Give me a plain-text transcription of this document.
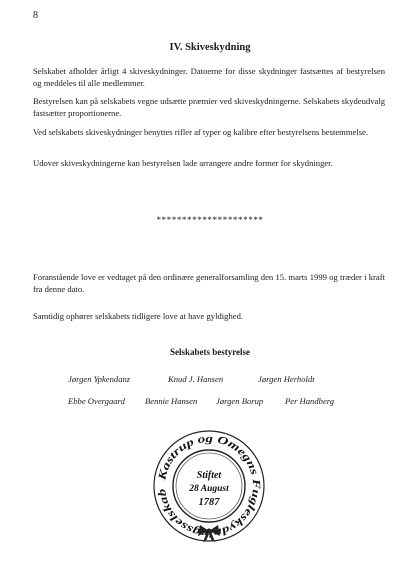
8
IV. Skiveskydning

Selskabet afholder årligt 4 skiveskydninger. Datoerne for disse skydninger fastsættes af bestyrelsen og meddeles til alle medlemmer.

Bestyrelsen kan på selskabets vegne udsætte præmier ved skiveskydningerne. Selskabets skydeudvalg fastsætter proportionerne.

Ved selskabets skiveskydninger benyttes rifler af typer og kalibre efter bestyrelsens bestemmelse.

Udover skiveskydningerne kan bestyrelsen lade arrangere andre former for skydninger.

*********************

Foranstående love er vedtaget på den ordinære generalforsamling den 15. marts 1999 og træder i kraft fra denne dato.

Samtidig ophører selskabets tidligere love at have gyldighed.

Selskabets bestyrelse
Jørgen Ypkendanz	Knud J. Hansen	Jørgen Herholdt
Ebbe Overgaard Bennie Hansen Jørgen Borup	Per Handberg
Kastrup og Omegns Fugleskyd ingsselskab
Stiftet
28 August
1787
